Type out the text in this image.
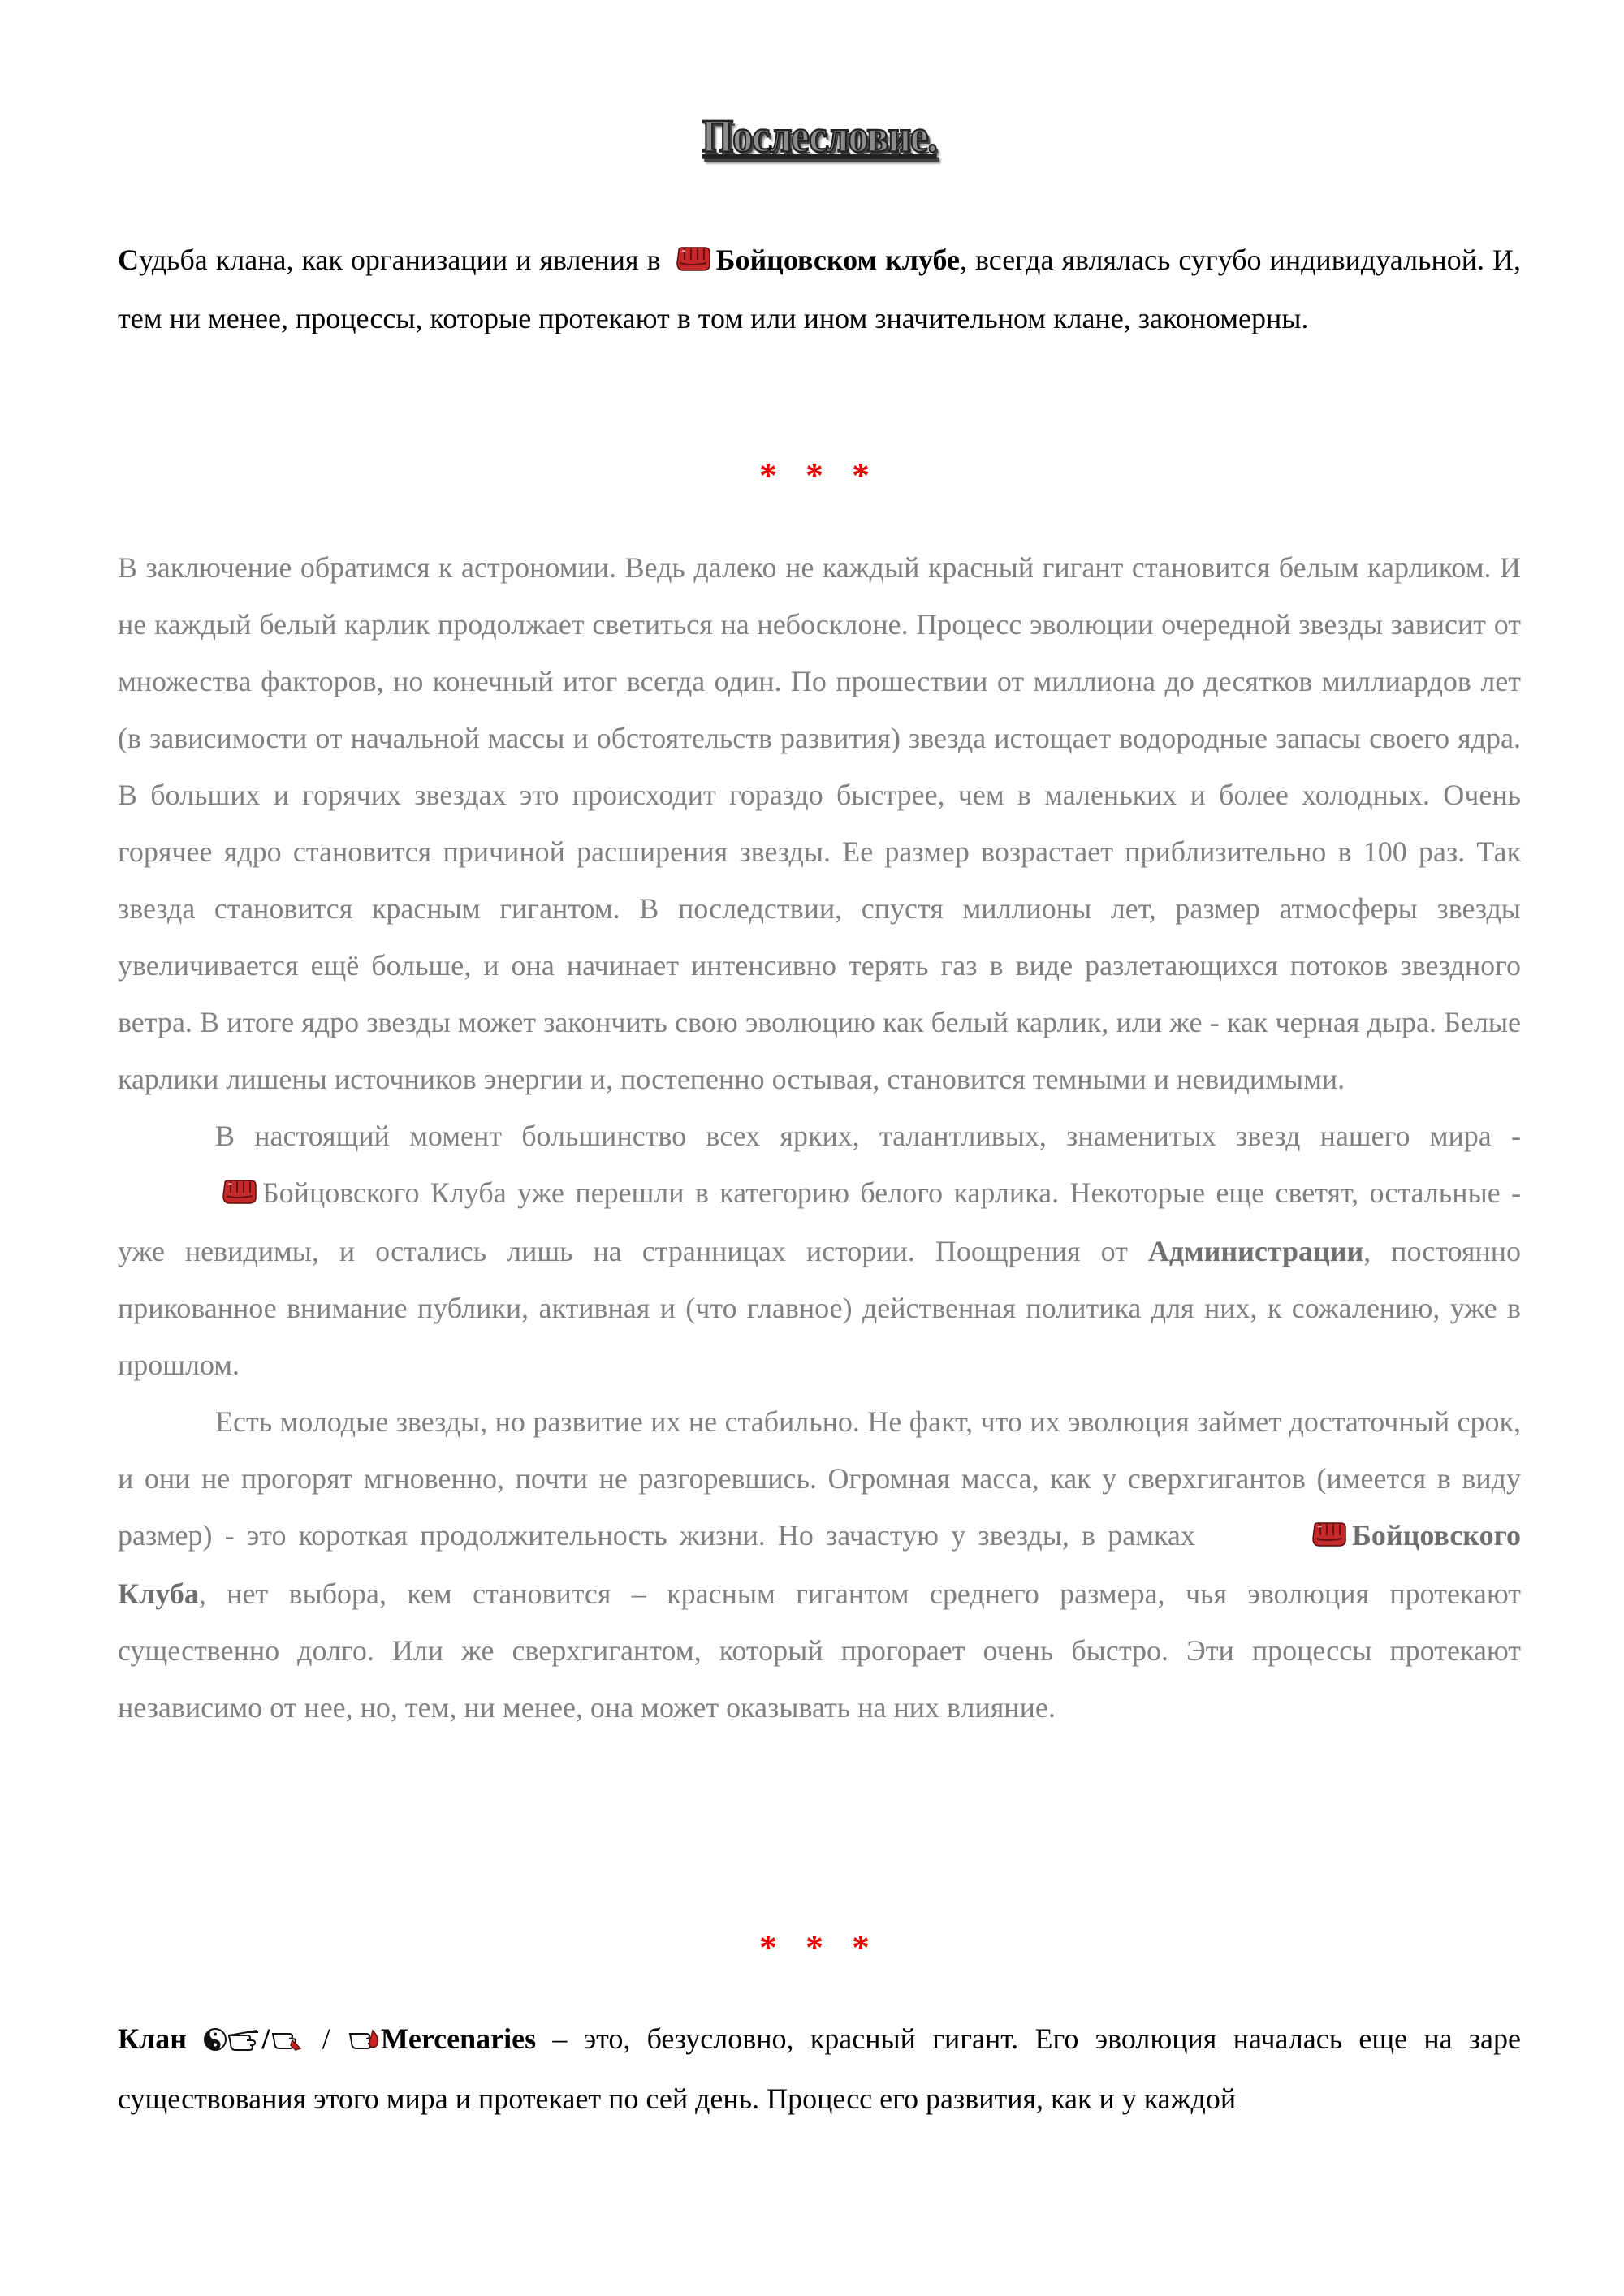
Послесловие.

Судьба клана, как организации и явления в Бойцовском клубе, всегда являлась сугубо индивидуальной. И, тем ни менее, процессы, которые протекают в том или ином значительном клане, закономерны.

* * *

В заключение обратимся к астрономии. Ведь далеко не каждый красный гигант становится белым карликом. И не каждый белый карлик продолжает светиться на небосклоне. Процесс эволюции очередной звезды зависит от множества факторов, но конечный итог всегда один. По прошествии от миллиона до десятков миллиардов лет (в зависимости от начальной массы и обстоятельств развития) звезда истощает водородные запасы своего ядра. В больших и горячих звездах это происходит гораздо быстрее, чем в маленьких и более холодных. Очень горячее ядро становится причиной расширения звезды. Ее размер возрастает приблизительно в 100 раз. Так звезда становится красным гигантом. В последствии, спустя миллионы лет, размер атмосферы звезды увеличивается ещё больше, и она начинает интенсивно терять газ в виде разлетающихся потоков звездного ветра. В итоге ядро звезды может закончить свою эволюцию как белый карлик, или же - как черная дыра. Белые карлики лишены источников энергии и, постепенно остывая, становится темными и невидимыми.

В настоящий момент большинство всех ярких, талантливых, знаменитых звезд нашего мира - Бойцовского Клуба уже перешли в категорию белого карлика. Некоторые еще светят, остальные - уже невидимы, и остались лишь на странницах истории. Поощрения от Администрации, постоянно прикованное внимание публики, активная и (что главное) действенная политика для них, к сожалению, уже в прошлом.

Есть молодые звезды, но развитие их не стабильно. Не факт, что их эволюция займет достаточный срок, и они не прогорят мгновенно, почти не разгоревшись. Огромная масса, как у сверхгигантов (имеется в виду размер) - это короткая продолжительность жизни. Но зачастую у звезды, в рамках	Бойцовского Клуба, нет выбора, кем становится – красным гигантом среднего размера, чья эволюция протекают существенно долго. Или же сверхгигантом, который прогорает очень быстро. Эти процессы протекают независимо от нее, но, тем, ни менее, она может оказывать на них влияние.

* * *

Клан	/ / Mercenaries – это, безусловно, красный гигант. Его эволюция началась еще на заре существования этого мира и протекает по сей день. Процесс его развития, как и у каждой
